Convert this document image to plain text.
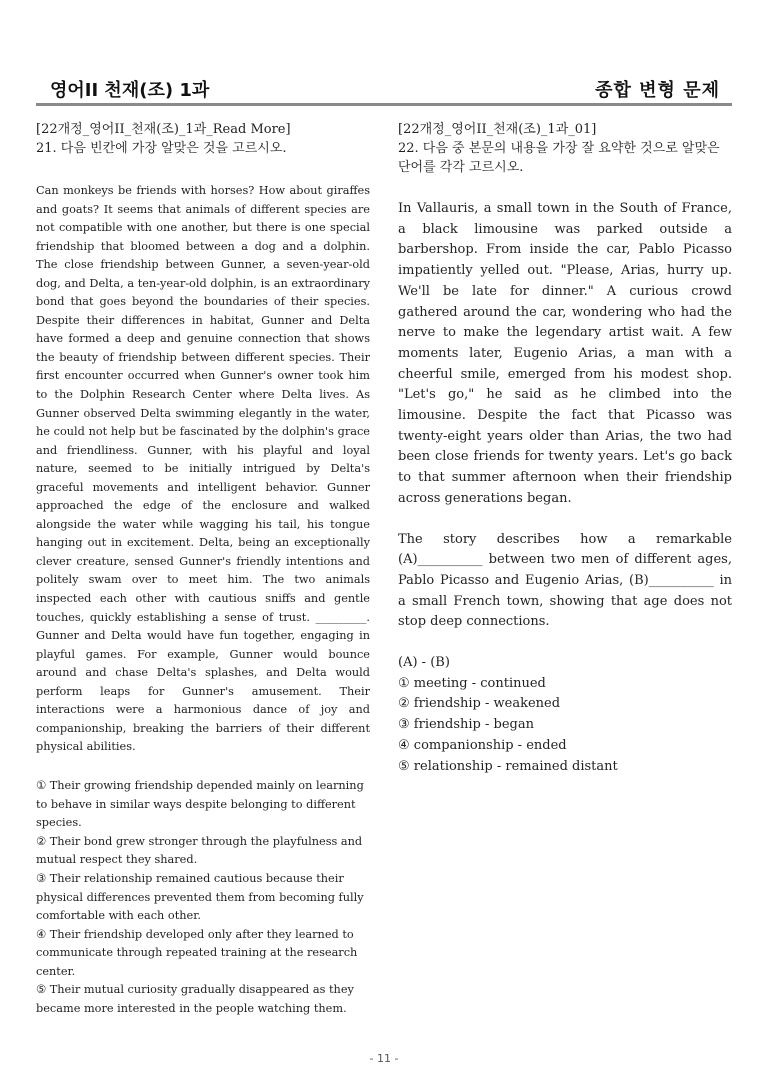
영어II 천재(조) 1과	종합 변형 문제

[22개정_영어II_천재(조)_1과_Read More]

21. 다음 빈칸에 가장 알맞은 것을 고르시오.

Can monkeys be friends with horses? How about giraffes and goats? It seems that animals of different species are not compatible with one another, but there is one special friendship that bloomed between a dog and a dolphin. The close friendship between Gunner, a seven-year-old dog, and Delta, a ten-year-old dolphin, is an extraordinary bond that goes beyond the boundaries of their species. Despite their differences in habitat, Gunner and Delta have formed a deep and genuine connection that shows the beauty of friendship between different species. Their first encounter occurred when Gunner's owner took him to the Dolphin Research Center where Delta lives. As Gunner observed Delta swimming elegantly in the water, he could not help but be fascinated by the dolphin's grace and friendliness. Gunner, with his playful and loyal nature, seemed to be initially intrigued by Delta's graceful movements and intelligent behavior. Gunner approached the edge of the enclosure and walked alongside the water while wagging his tail, his tongue hanging out in excitement. Delta, being an exceptionally clever creature, sensed Gunner's friendly intentions and politely swam over to meet him. The two animals inspected each other with cautious sniffs and gentle touches, quickly establishing a sense of trust. _________. Gunner and Delta would have fun together, engaging in playful games. For example, Gunner would bounce around and chase Delta's splashes, and Delta would perform leaps for Gunner's amusement. Their interactions were a harmonious dance of joy and companionship, breaking the barriers of their different physical abilities.

① Their growing friendship depended mainly on learning to behave in similar ways despite belonging to different species.
② Their bond grew stronger through the playfulness and mutual respect they shared.
③ Their relationship remained cautious because their physical differences prevented them from becoming fully comfortable with each other.
④ Their friendship developed only after they learned to communicate through repeated training at the research center.
⑤ Their mutual curiosity gradually disappeared as they became more interested in the people watching them.

[22개정_영어II_천재(조)_1과_01]

22. 다음 중 본문의 내용을 가장 잘 요약한 것으로 알맞은 단어를 각각 고르시오.

In Vallauris, a small town in the South of France, a black limousine was parked outside a barbershop. From inside the car, Pablo Picasso impatiently yelled out. "Please, Arias, hurry up. We'll be late for dinner." A curious crowd gathered around the car, wondering who had the nerve to make the legendary artist wait. A few moments later, Eugenio Arias, a man with a cheerful smile, emerged from his modest shop. "Let's go," he said as he climbed into the limousine. Despite the fact that Picasso was twenty-eight years older than Arias, the two had been close friends for twenty years. Let's go back to that summer afternoon when their friendship across generations began.

The story describes how a remarkable (A)__________ between two men of different ages, Pablo Picasso and Eugenio Arias, (B)__________ in a small French town, showing that age does not stop deep connections.

(A) - (B)
① meeting - continued
② friendship - weakened
③ friendship - began
④ companionship - ended
⑤ relationship - remained distant
- 11 -
